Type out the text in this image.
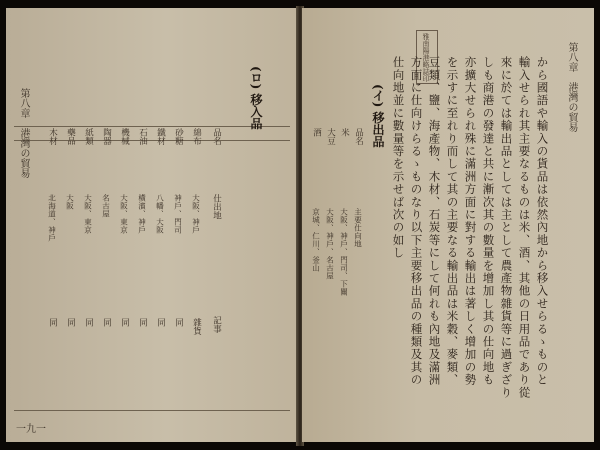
(ロ) 移入品
品名
仕出地
記事
綿布
大阪、神戶
雜貨
砂糖
神戶、門司
同
鐵材
八幡、大阪
同
石油
橫濱、神戶
同
機械
大阪、東京
同
陶器
名古屋
同
紙類
大阪、東京
同
藥品
大阪
同
木材
北海道、神戶
同
第八章　港灣の貿易
一九一
第八章　港灣の貿易
雅南陽港略誌印	から國語や輸入の貨品は依然內地から移入せらるゝものと
輸入せられ其主要なるものは米、酒、其他の日用品であり從
來に於ては輸出品としては主として農產物雜貨等に過ぎざり
しも商港の發達と共に漸次其の數量を增加し其の仕向地も
亦擴大せられ殊に滿洲方面に對する輸出は著しく增加の勢
を示すに至れり而して其の主要なる輸出品は米穀、麥類、
豆類、鹽、海產物、木材、石炭等にして何れも內地及滿洲
方面に仕向けらるゝものなり以下主要移出品の種類及其の
仕向地並に數量等を示せば次の如し
(イ) 移出品
品名
主要仕向地
米
大阪、神戶、門司、下關
大豆
大阪、神戶、名古屋
酒
京城、仁川、釜山
